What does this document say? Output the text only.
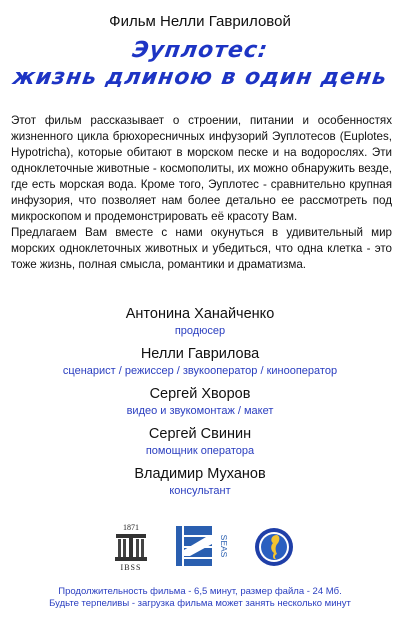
Фильм Нелли Гавриловой
Эуплотес:
жизнь длиною в один день

Этот фильм рассказывает о строении, питании и особенностях жизненного цикла брюхоресничных инфузорий Эуплотесов (Euplotes, Hypotricha), которые обитают в морском песке и на водорослях. Эти одноклеточные животные - космополиты, их можно обнаружить везде, где есть морская вода. Кроме того, Эуплотес - сравнительно крупная инфузория, что позволяет нам более детально ее рассмотреть под микроскопом и продемонстрировать её красоту Вам.

Предлагаем Вам вместе с нами окунуться в удивительный мир морских одноклеточных животных и убедиться, что одна клетка - это тоже жизнь, полная смысла, романтики и драматизма.

Антонина Ханайченко
продюсер
Нелли Гаврилова
сценарист / режиссер / звукооператор / кинооператор
Сергей Хворов
видео и звукомонтаж / макет
Сергей Свинин
помощник оператора
Владимир Муханов
консультант
1871
IBSS
SEAS
Продолжительность фильма - 6,5 минут, размер файла - 24 Мб.
Будьте терпеливы - загрузка фильма может занять несколько минут
